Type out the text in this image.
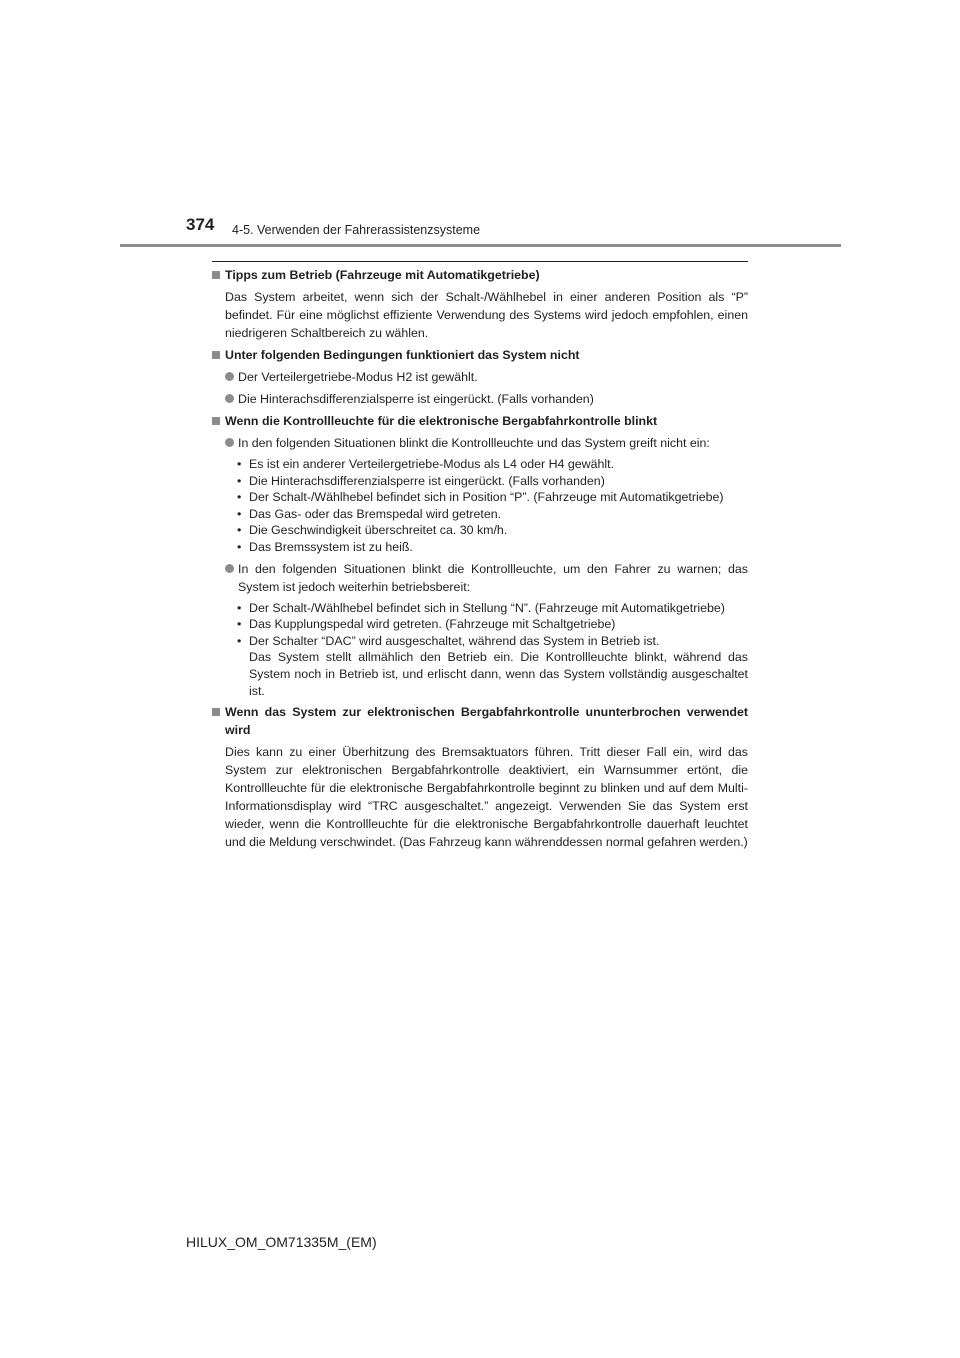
374 4-5. Verwenden der Fahrerassistenzsysteme

Tipps zum Betrieb (Fahrzeuge mit Automatikgetriebe)

Das System arbeitet, wenn sich der Schalt-/Wählhebel in einer anderen Position als “P” befindet. Für eine möglichst effiziente Verwendung des Systems wird jedoch empfohlen, einen niedrigeren Schaltbereich zu wählen.

Unter folgenden Bedingungen funktioniert das System nicht

Der Verteilergetriebe-Modus H2 ist gewählt.
Die Hinterachsdifferenzialsperre ist eingerückt. (Falls vorhanden)

Wenn die Kontrollleuchte für die elektronische Bergabfahrkontrolle blinkt

In den folgenden Situationen blinkt die Kontrollleuchte und das System greift nicht ein:
• Es ist ein anderer Verteilergetriebe-Modus als L4 oder H4 gewählt.
• Die Hinterachsdifferenzialsperre ist eingerückt. (Falls vorhanden)
• Der Schalt-/Wählhebel befindet sich in Position “P”. (Fahrzeuge mit Automatikgetriebe)
• Das Gas- oder das Bremspedal wird getreten.
• Die Geschwindigkeit überschreitet ca. 30 km/h.
• Das Bremssystem ist zu heiß.
In den folgenden Situationen blinkt die Kontrollleuchte, um den Fahrer zu warnen; das System ist jedoch weiterhin betriebsbereit:
• Der Schalt-/Wählhebel befindet sich in Stellung “N”. (Fahrzeuge mit Automatikgetriebe)
• Das Kupplungspedal wird getreten. (Fahrzeuge mit Schaltgetriebe)
• Der Schalter “DAC” wird ausgeschaltet, während das System in Betrieb ist.
Das System stellt allmählich den Betrieb ein. Die Kontrollleuchte blinkt, während das System noch in Betrieb ist, und erlischt dann, wenn das System vollständig ausgeschaltet ist.

Wenn das System zur elektronischen Bergabfahrkontrolle ununterbrochen verwendet wird

Dies kann zu einer Überhitzung des Bremsaktuators führen. Tritt dieser Fall ein, wird das System zur elektronischen Bergabfahrkontrolle deaktiviert, ein Warnsummer ertönt, die Kontrollleuchte für die elektronische Bergabfahrkontrolle beginnt zu blinken und auf dem Multi-Informationsdisplay wird “TRC ausgeschaltet.” angezeigt. Verwenden Sie das System erst wieder, wenn die Kontrollleuchte für die elektronische Bergabfahrkontrolle dauerhaft leuchtet und die Meldung verschwindet. (Das Fahrzeug kann währenddessen normal gefahren werden.)

HILUX_OM_OM71335M_(EM)
